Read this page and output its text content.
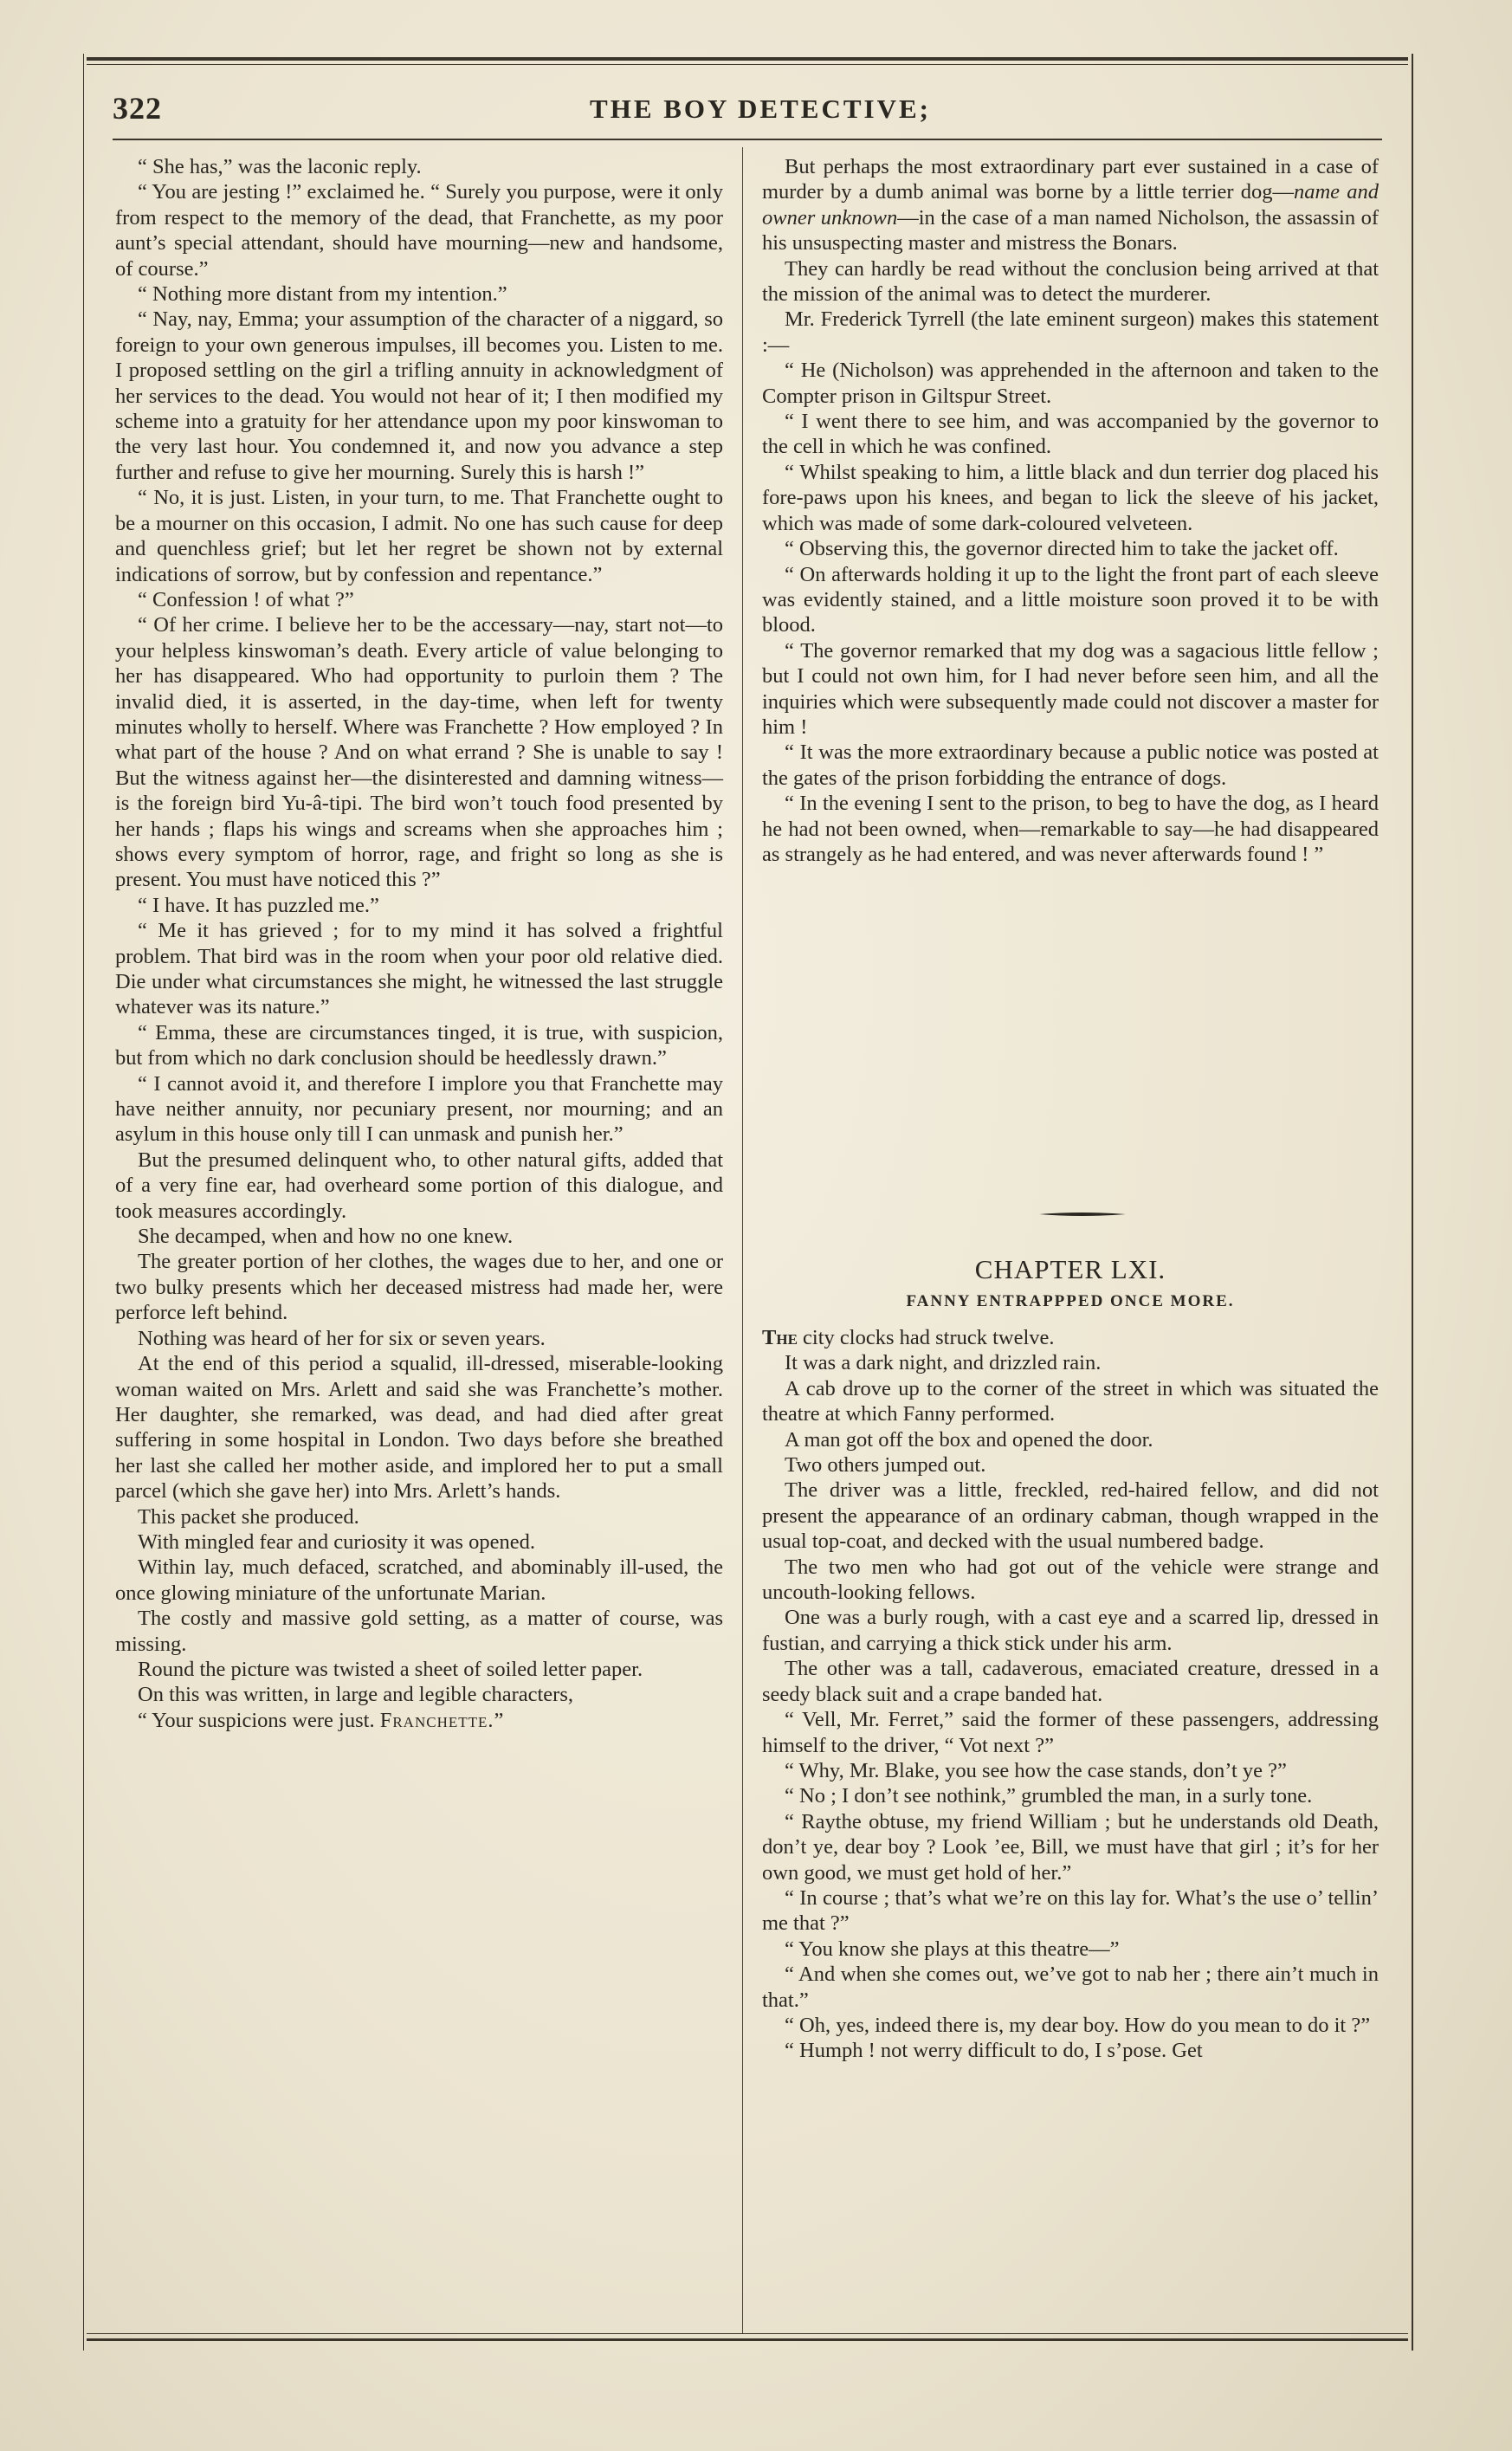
322	THE BOY DETECTIVE;

“ She has,” was the laconic reply.

“ You are jesting !” exclaimed he. “ Surely you purpose, were it only from respect to the memory of the dead, that Franchette, as my poor aunt’s special attendant, should have mourning—new and handsome, of course.”

“ Nothing more distant from my intention.”

“ Nay, nay, Emma; your assumption of the character of a niggard, so foreign to your own generous impulses, ill becomes you. Listen to me. I proposed settling on the girl a trifling annuity in acknowledgment of her services to the dead. You would not hear of it; I then modified my scheme into a gratuity for her attendance upon my poor kinswoman to the very last hour. You condemned it, and now you advance a step further and refuse to give her mourning. Surely this is harsh !”

“ No, it is just. Listen, in your turn, to me. That Franchette ought to be a mourner on this occasion, I admit. No one has such cause for deep and quenchless grief; but let her regret be shown not by external indications of sorrow, but by confession and repentance.”

“ Confession ! of what ?”

“ Of her crime. I believe her to be the accessary—nay, start not—to your helpless kinswoman’s death. Every article of value belonging to her has disappeared. Who had opportunity to purloin them ? The invalid died, it is asserted, in the day-time, when left for twenty minutes wholly to herself. Where was Franchette ? How employed ? In what part of the house ? And on what errand ? She is unable to say ! But the witness against her—the disinterested and damning witness—is the foreign bird Yu-â-tipi. The bird won’t touch food presented by her hands ; flaps his wings and screams when she approaches him ; shows every symptom of horror, rage, and fright so long as she is present. You must have noticed this ?”

“ I have. It has puzzled me.”

“ Me it has grieved ; for to my mind it has solved a frightful problem. That bird was in the room when your poor old relative died. Die under what circumstances she might, he witnessed the last struggle whatever was its nature.”

“ Emma, these are circumstances tinged, it is true, with suspicion, but from which no dark conclusion should be heedlessly drawn.”

“ I cannot avoid it, and therefore I implore you that Franchette may have neither annuity, nor pecuniary present, nor mourning; and an asylum in this house only till I can unmask and punish her.”

But the presumed delinquent who, to other natural gifts, added that of a very fine ear, had overheard some portion of this dialogue, and took measures accordingly.

She decamped, when and how no one knew.

The greater portion of her clothes, the wages due to her, and one or two bulky presents which her deceased mistress had made her, were perforce left behind.

Nothing was heard of her for six or seven years.

At the end of this period a squalid, ill-dressed, miserable-looking woman waited on Mrs. Arlett and said she was Franchette’s mother. Her daughter, she remarked, was dead, and had died after great suffering in some hospital in London. Two days before she breathed her last she called her mother aside, and implored her to put a small parcel (which she gave her) into Mrs. Arlett’s hands.

This packet she produced.

With mingled fear and curiosity it was opened.

Within lay, much defaced, scratched, and abominably ill-used, the once glowing miniature of the unfortunate Marian.

The costly and massive gold setting, as a matter of course, was missing.

Round the picture was twisted a sheet of soiled letter paper.

On this was written, in large and legible characters,

“ Your suspicions were just. Franchette.”

But perhaps the most extraordinary part ever sustained in a case of murder by a dumb animal was borne by a little terrier dog—name and owner unknown—in the case of a man named Nicholson, the assassin of his unsuspecting master and mistress the Bonars.

They can hardly be read without the conclusion being arrived at that the mission of the animal was to detect the murderer.

Mr. Frederick Tyrrell (the late eminent surgeon) makes this statement :—

“ He (Nicholson) was apprehended in the afternoon and taken to the Compter prison in Giltspur Street.

“ I went there to see him, and was accompanied by the governor to the cell in which he was confined.

“ Whilst speaking to him, a little black and dun terrier dog placed his fore-paws upon his knees, and began to lick the sleeve of his jacket, which was made of some dark-coloured velveteen.

“ Observing this, the governor directed him to take the jacket off.

“ On afterwards holding it up to the light the front part of each sleeve was evidently stained, and a little moisture soon proved it to be with blood.

“ The governor remarked that my dog was a sagacious little fellow ; but I could not own him, for I had never before seen him, and all the inquiries which were subsequently made could not discover a master for him !

“ It was the more extraordinary because a public notice was posted at the gates of the prison forbidding the entrance of dogs.

“ In the evening I sent to the prison, to beg to have the dog, as I heard he had not been owned, when—remarkable to say—he had disappeared as strangely as he had entered, and was never afterwards found ! ”

CHAPTER LXI.
FANNY ENTRAPPPED ONCE MORE.

The city clocks had struck twelve.

It was a dark night, and drizzled rain.

A cab drove up to the corner of the street in which was situated the theatre at which Fanny performed.

A man got off the box and opened the door.

Two others jumped out.

The driver was a little, freckled, red-haired fellow, and did not present the appearance of an ordinary cabman, though wrapped in the usual top-coat, and decked with the usual numbered badge.

The two men who had got out of the vehicle were strange and uncouth-looking fellows.

One was a burly rough, with a cast eye and a scarred lip, dressed in fustian, and carrying a thick stick under his arm.

The other was a tall, cadaverous, emaciated creature, dressed in a seedy black suit and a crape banded hat.

“ Vell, Mr. Ferret,” said the former of these passengers, addressing himself to the driver, “ Vot next ?”

“ Why, Mr. Blake, you see how the case stands, don’t ye ?”

“ No ; I don’t see nothink,” grumbled the man, in a surly tone.

“ Raythe obtuse, my friend William ; but he understands old Death, don’t ye, dear boy ? Look ’ee, Bill, we must have that girl ; it’s for her own good, we must get hold of her.”

“ In course ; that’s what we’re on this lay for. What’s the use o’ tellin’ me that ?”

“ You know she plays at this theatre—”

“ And when she comes out, we’ve got to nab her ; there ain’t much in that.”

“ Oh, yes, indeed there is, my dear boy. How do you mean to do it ?”

“ Humph ! not werry difficult to do, I s’pose. Get
